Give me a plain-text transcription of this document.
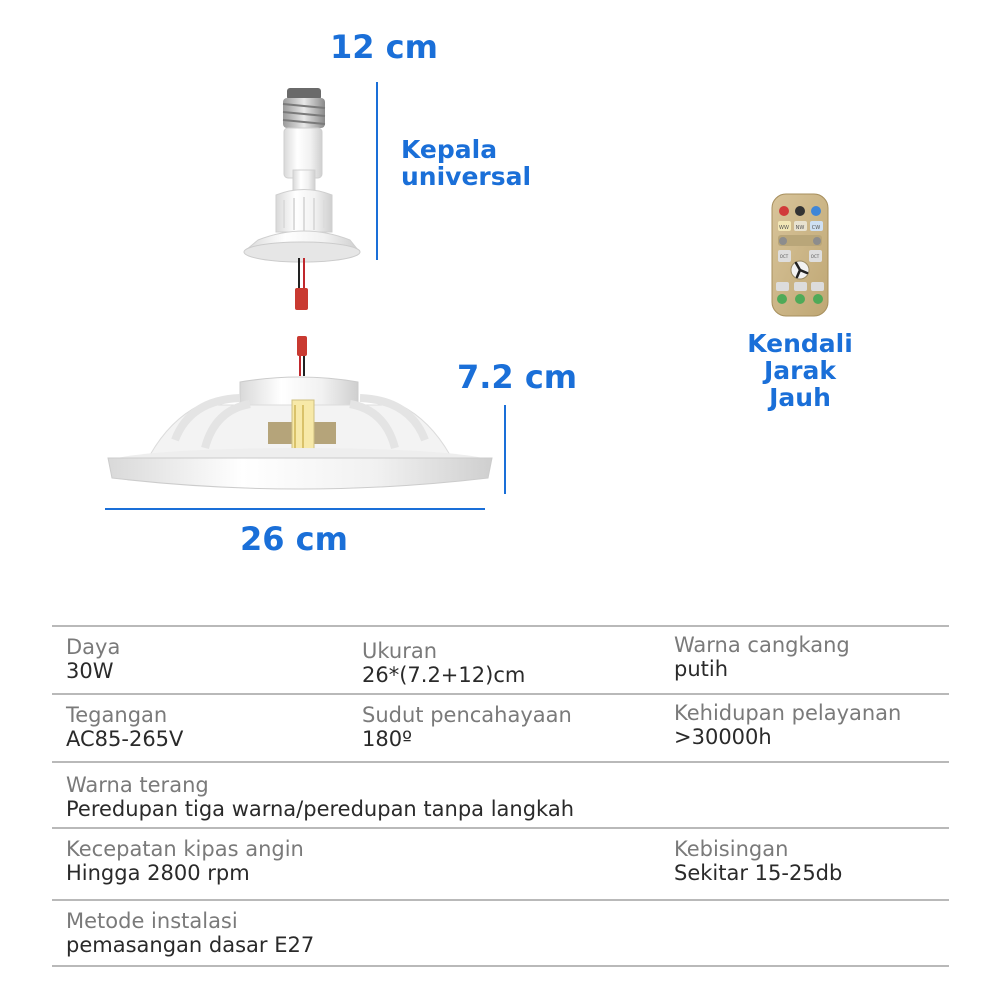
WW NW CW
OCT	OCT
12 cm
7.2 cm
26 cm
Kepala
universal
Kendali
Jarak
Jauh
Daya
30W
Ukuran
26*(7.2+12)cm
Warna cangkang
putih
Tegangan
AC85-265V
Sudut pencahayaan
180º
Kehidupan pelayanan
>30000h
Warna terang
Peredupan tiga warna/peredupan tanpa langkah
Kecepatan kipas angin
Hingga 2800 rpm
Kebisingan
Sekitar 15-25db
Metode instalasi
pemasangan dasar E27
